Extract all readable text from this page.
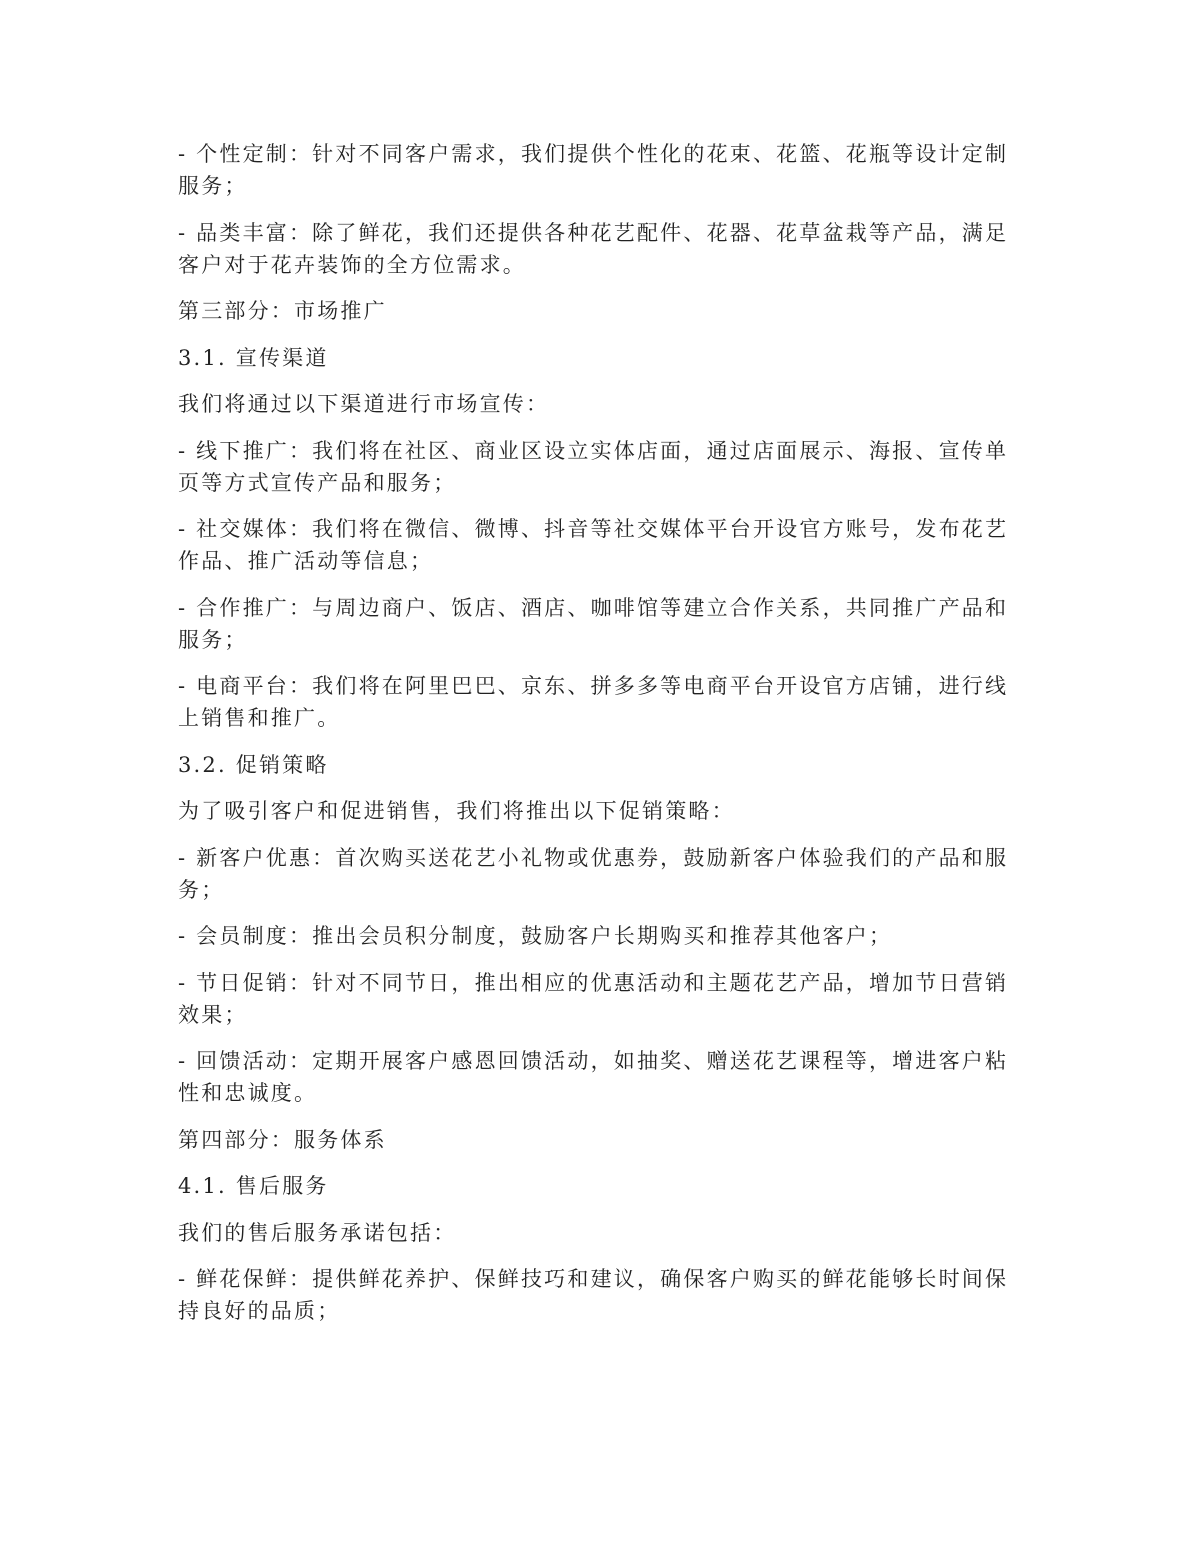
- 个性定制：针对不同客户需求，我们提供个性化的花束、花篮、花瓶等设计定制服务；

- 品类丰富：除了鲜花，我们还提供各种花艺配件、花器、花草盆栽等产品，满足客户对于花卉装饰的全方位需求。

第三部分：市场推广

3.1. 宣传渠道

我们将通过以下渠道进行市场宣传：

- 线下推广：我们将在社区、商业区设立实体店面，通过店面展示、海报、宣传单页等方式宣传产品和服务；

- 社交媒体：我们将在微信、微博、抖音等社交媒体平台开设官方账号，发布花艺作品、推广活动等信息；

- 合作推广：与周边商户、饭店、酒店、咖啡馆等建立合作关系，共同推广产品和服务；

- 电商平台：我们将在阿里巴巴、京东、拼多多等电商平台开设官方店铺，进行线上销售和推广。

3.2. 促销策略

为了吸引客户和促进销售，我们将推出以下促销策略：

- 新客户优惠：首次购买送花艺小礼物或优惠券，鼓励新客户体验我们的产品和服务；

- 会员制度：推出会员积分制度，鼓励客户长期购买和推荐其他客户；

- 节日促销：针对不同节日，推出相应的优惠活动和主题花艺产品，增加节日营销效果；

- 回馈活动：定期开展客户感恩回馈活动，如抽奖、赠送花艺课程等，增进客户粘性和忠诚度。

第四部分：服务体系

4.1. 售后服务

我们的售后服务承诺包括：

- 鲜花保鲜：提供鲜花养护、保鲜技巧和建议，确保客户购买的鲜花能够长时间保持良好的品质；
